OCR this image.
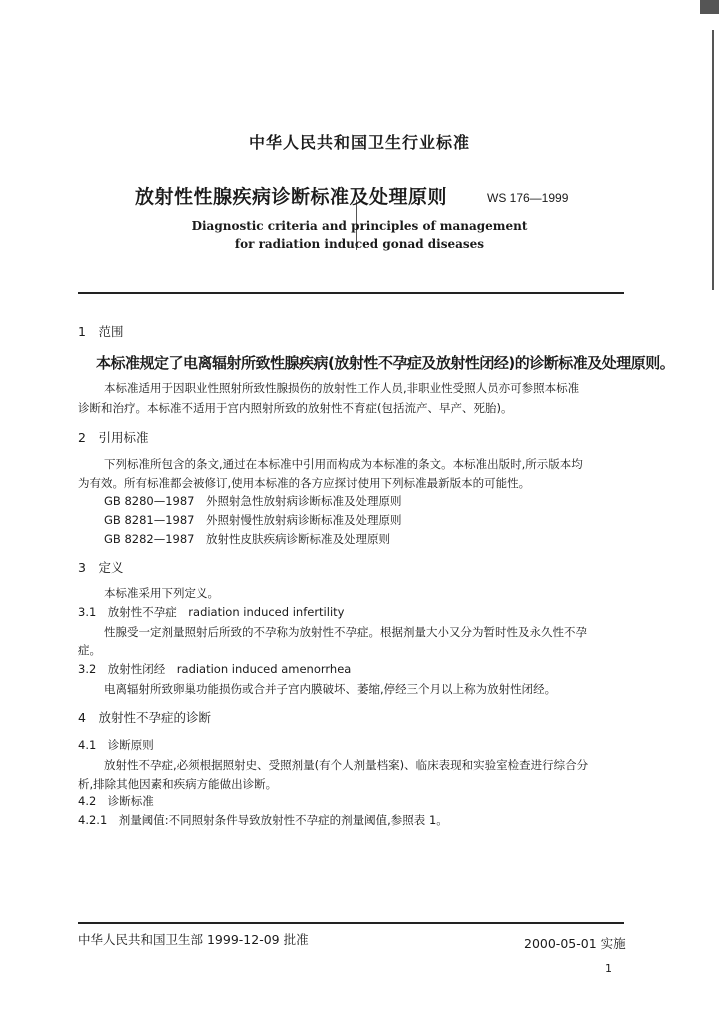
中华人民共和国卫生行业标准
放射性性腺疾病诊断标准及处理原则	WS 176—1999
Diagnostic criteria and principles of management
for radiation induced gonad diseases
1　范围
本标准规定了电离辐射所致性腺疾病(放射性不孕症及放射性闭经)的诊断标准及处理原则。
本标准适用于因职业性照射所致性腺损伤的放射性工作人员,非职业性受照人员亦可参照本标准
诊断和治疗。本标准不适用于宫内照射所致的放射性不育症(包括流产、早产、死胎)。
2　引用标准
下列标准所包含的条文,通过在本标准中引用而构成为本标准的条文。本标准出版时,所示版本均
为有效。所有标准都会被修订,使用本标准的各方应探讨使用下列标准最新版本的可能性。
GB 8280—1987　外照射急性放射病诊断标准及处理原则
GB 8281—1987　外照射慢性放射病诊断标准及处理原则
GB 8282—1987　放射性皮肤疾病诊断标准及处理原则
3　定义
本标准采用下列定义。
3.1　放射性不孕症　radiation induced infertility
性腺受一定剂量照射后所致的不孕称为放射性不孕症。根据剂量大小又分为暂时性及永久性不孕
症。
3.2　放射性闭经　radiation induced amenorrhea
电离辐射所致卵巢功能损伤或合并子宫内膜破坏、萎缩,停经三个月以上称为放射性闭经。
4　放射性不孕症的诊断
4.1　诊断原则
放射性不孕症,必须根据照射史、受照剂量(有个人剂量档案)、临床表现和实验室检查进行综合分
析,排除其他因素和疾病方能做出诊断。
4.2　诊断标准
4.2.1　剂量阈值:不同照射条件导致放射性不孕症的剂量阈值,参照表 1。
中华人民共和国卫生部 1999-12-09 批准	2000-05-01 实施
1
